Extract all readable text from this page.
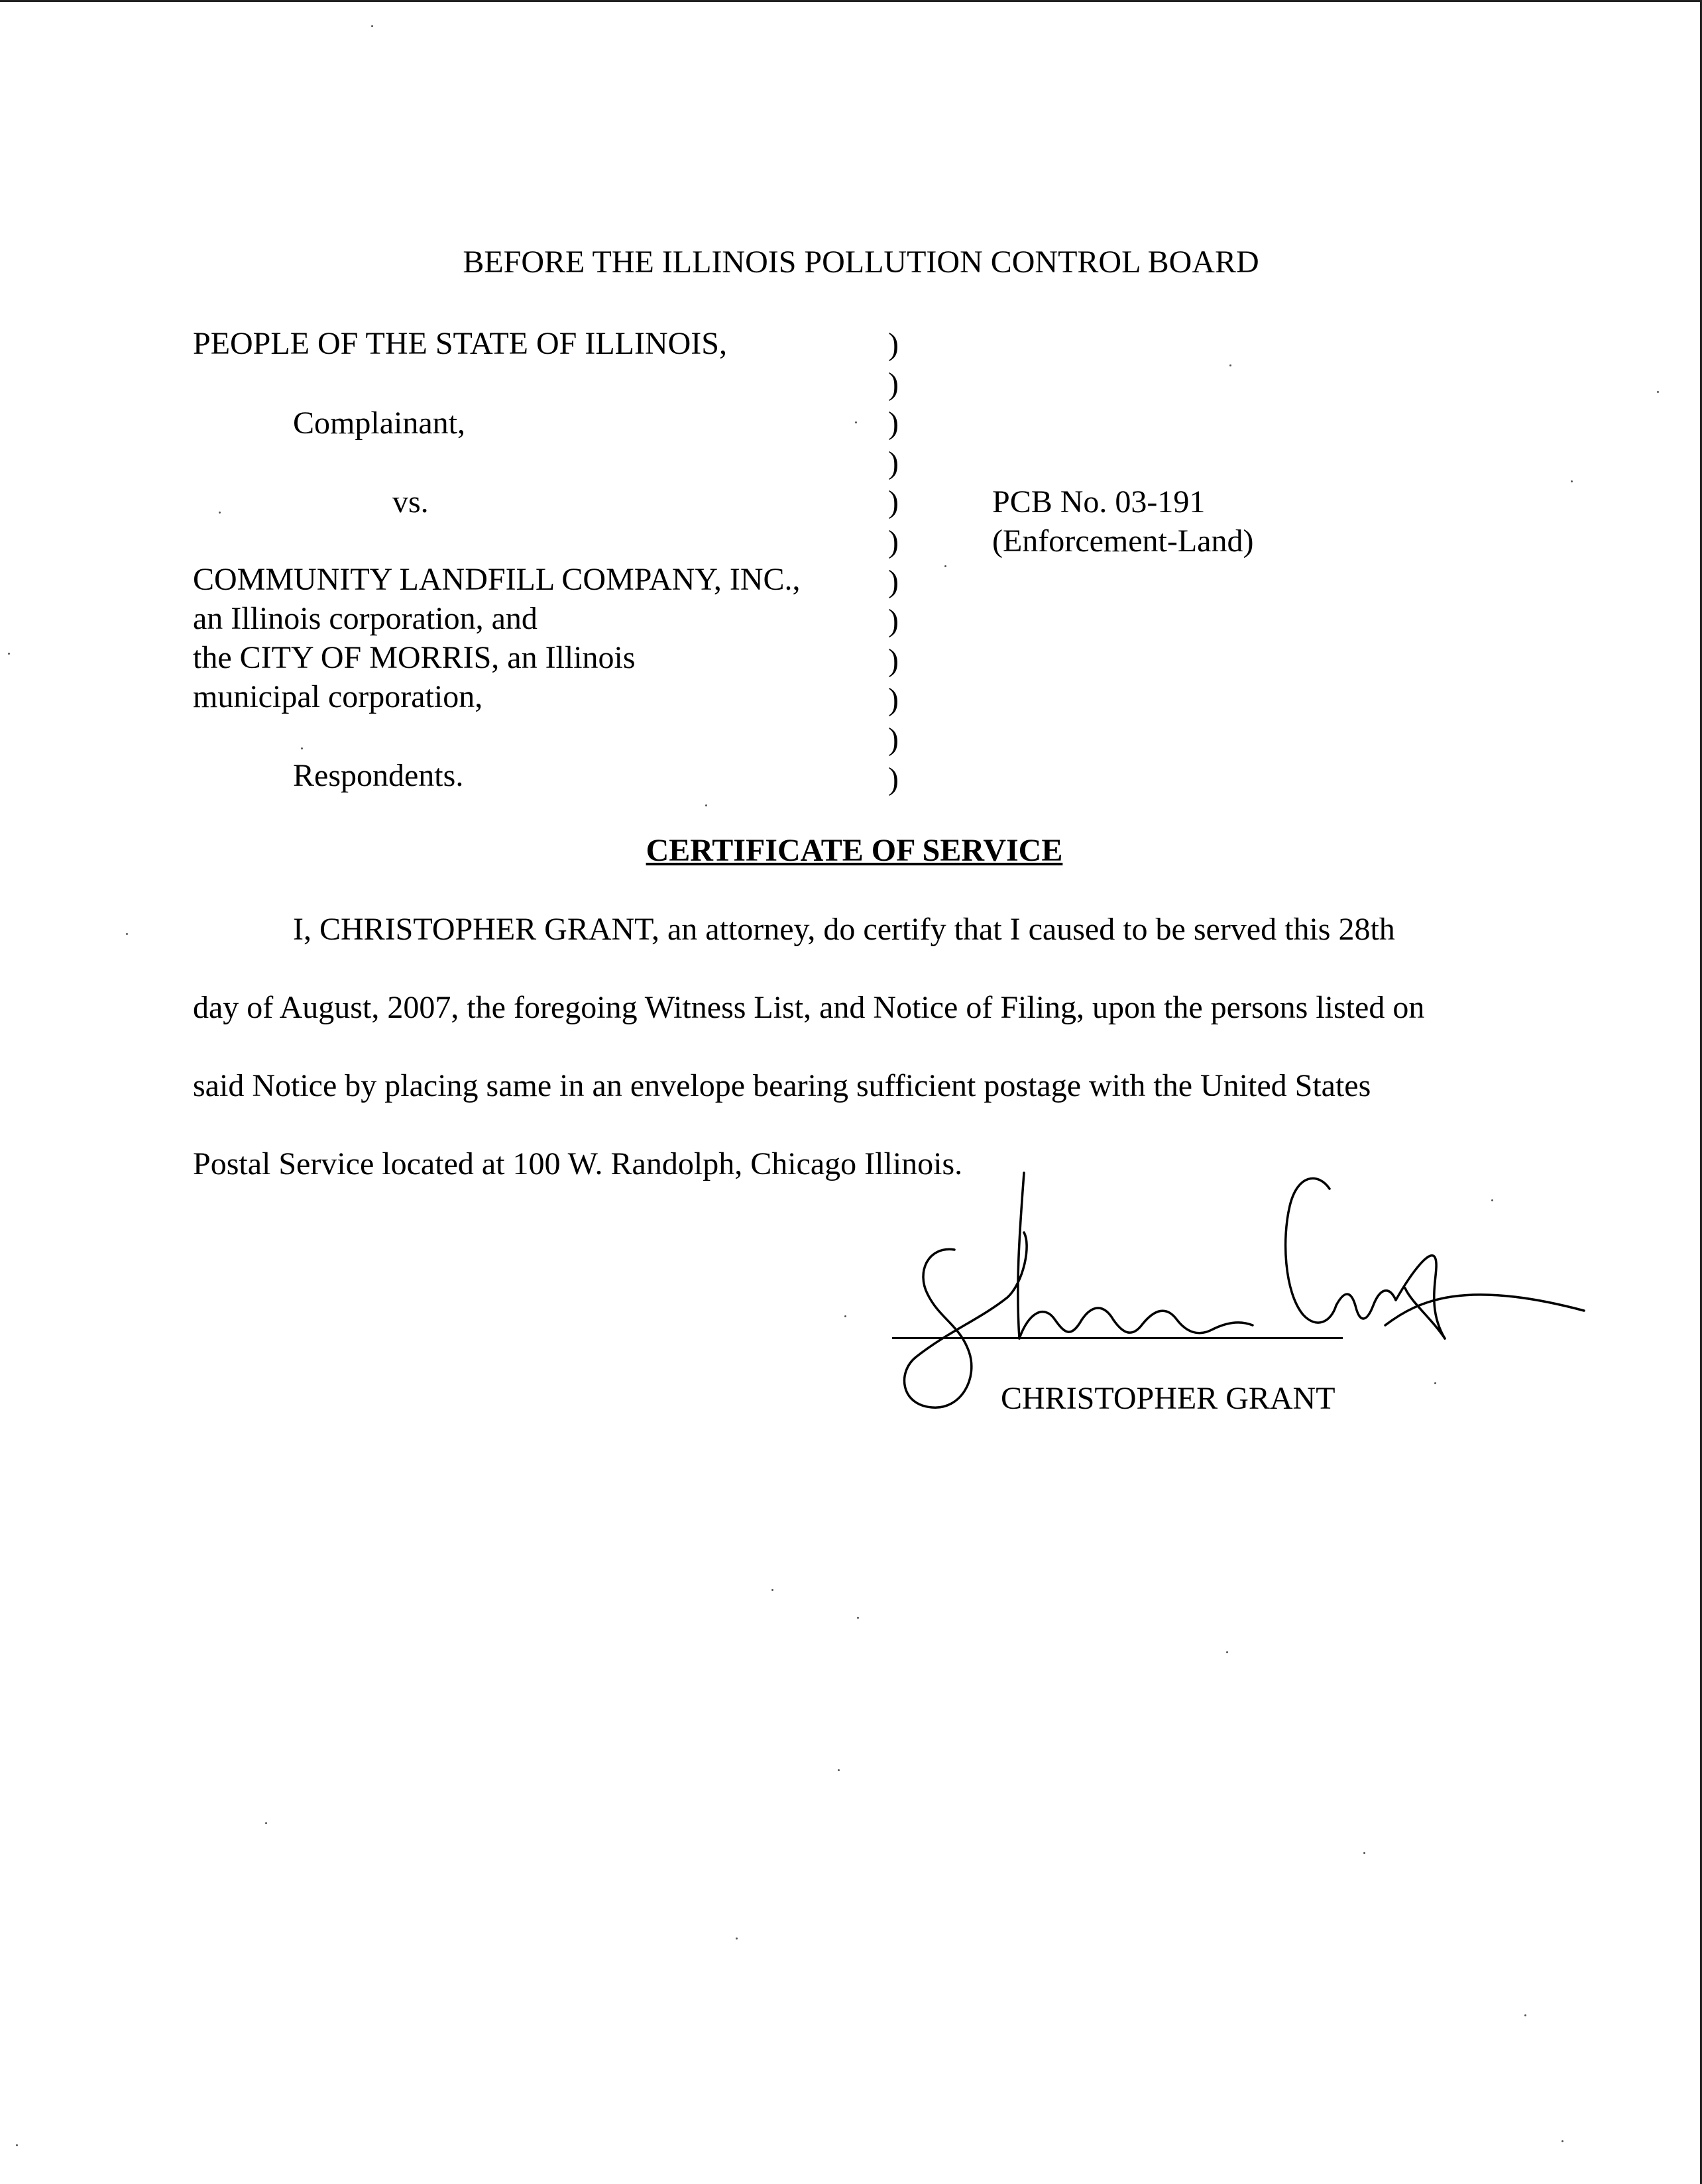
BEFORE THE ILLINOIS POLLUTION CONTROL BOARD
PEOPLE OF THE STATE OF ILLINOIS,
Complainant,
vs.
COMMUNITY LANDFILL COMPANY, INC.,
an Illinois corporation, and
the CITY OF MORRIS, an Illinois
municipal corporation,
Respondents.
)
)
)
)
)
)
)
)
)
)
)
)
PCB No. 03-191
(Enforcement-Land)
CERTIFICATE OF SERVICE
I, CHRISTOPHER GRANT, an attorney, do certify that I caused to be served this 28th
day of August, 2007, the foregoing Witness List, and Notice of Filing, upon the persons listed on
said Notice by placing same in an envelope bearing sufficient postage with the United States
Postal Service located at 100 W. Randolph, Chicago Illinois.
CHRISTOPHER GRANT
